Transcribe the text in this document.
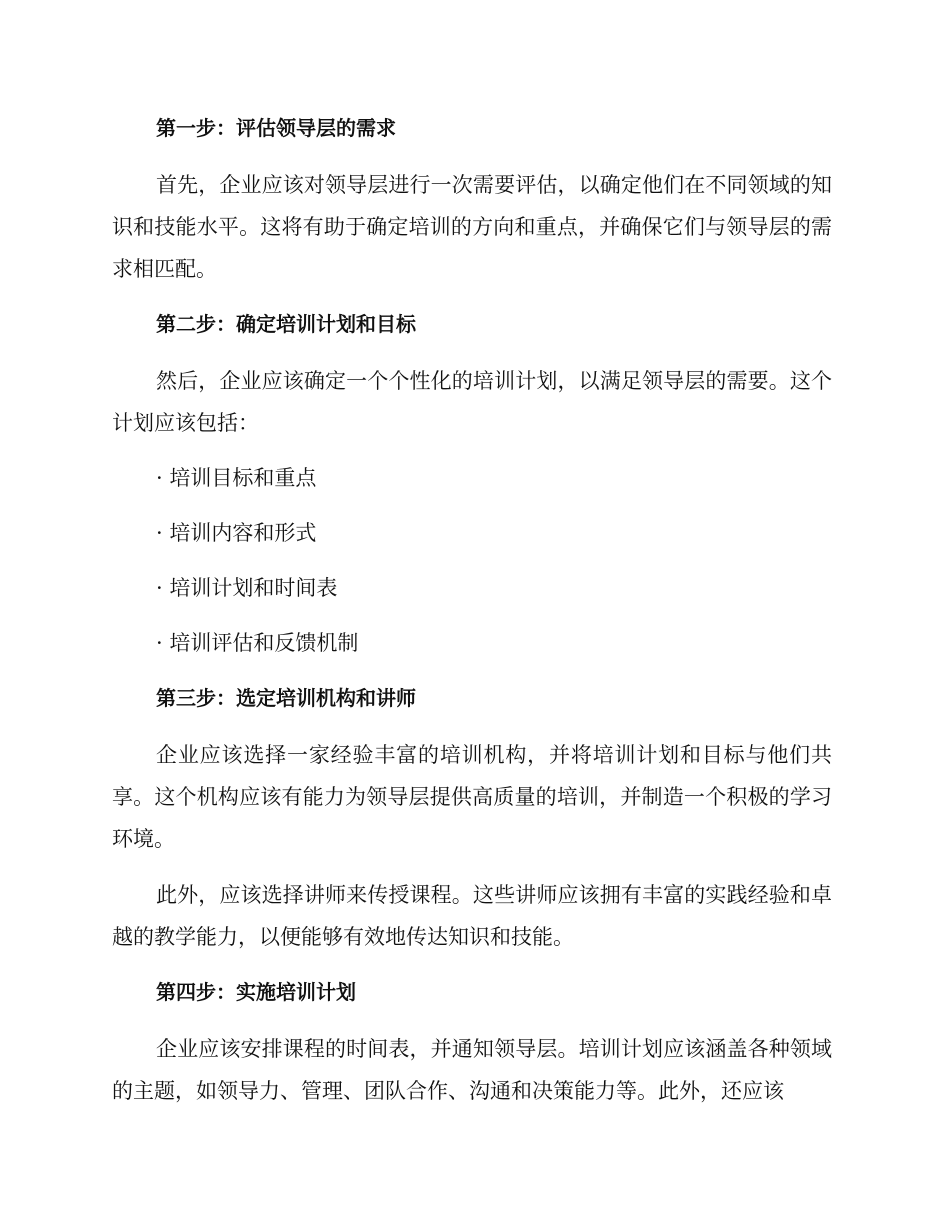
第一步：评估领导层的需求

首先，企业应该对领导层进行一次需要评估，以确定他们在不同领域的知识和技能水平。这将有助于确定培训的方向和重点，并确保它们与领导层的需求相匹配。

第二步：确定培训计划和目标

然后，企业应该确定一个个性化的培训计划，以满足领导层的需要。这个计划应该包括：

· 培训目标和重点

· 培训内容和形式

· 培训计划和时间表

· 培训评估和反馈机制

第三步：选定培训机构和讲师

企业应该选择一家经验丰富的培训机构，并将培训计划和目标与他们共享。这个机构应该有能力为领导层提供高质量的培训，并制造一个积极的学习环境。

此外，应该选择讲师来传授课程。这些讲师应该拥有丰富的实践经验和卓越的教学能力，以便能够有效地传达知识和技能。

第四步：实施培训计划

企业应该安排课程的时间表，并通知领导层。培训计划应该涵盖各种领域的主题，如领导力、管理、团队合作、沟通和决策能力等。此外，还应该
